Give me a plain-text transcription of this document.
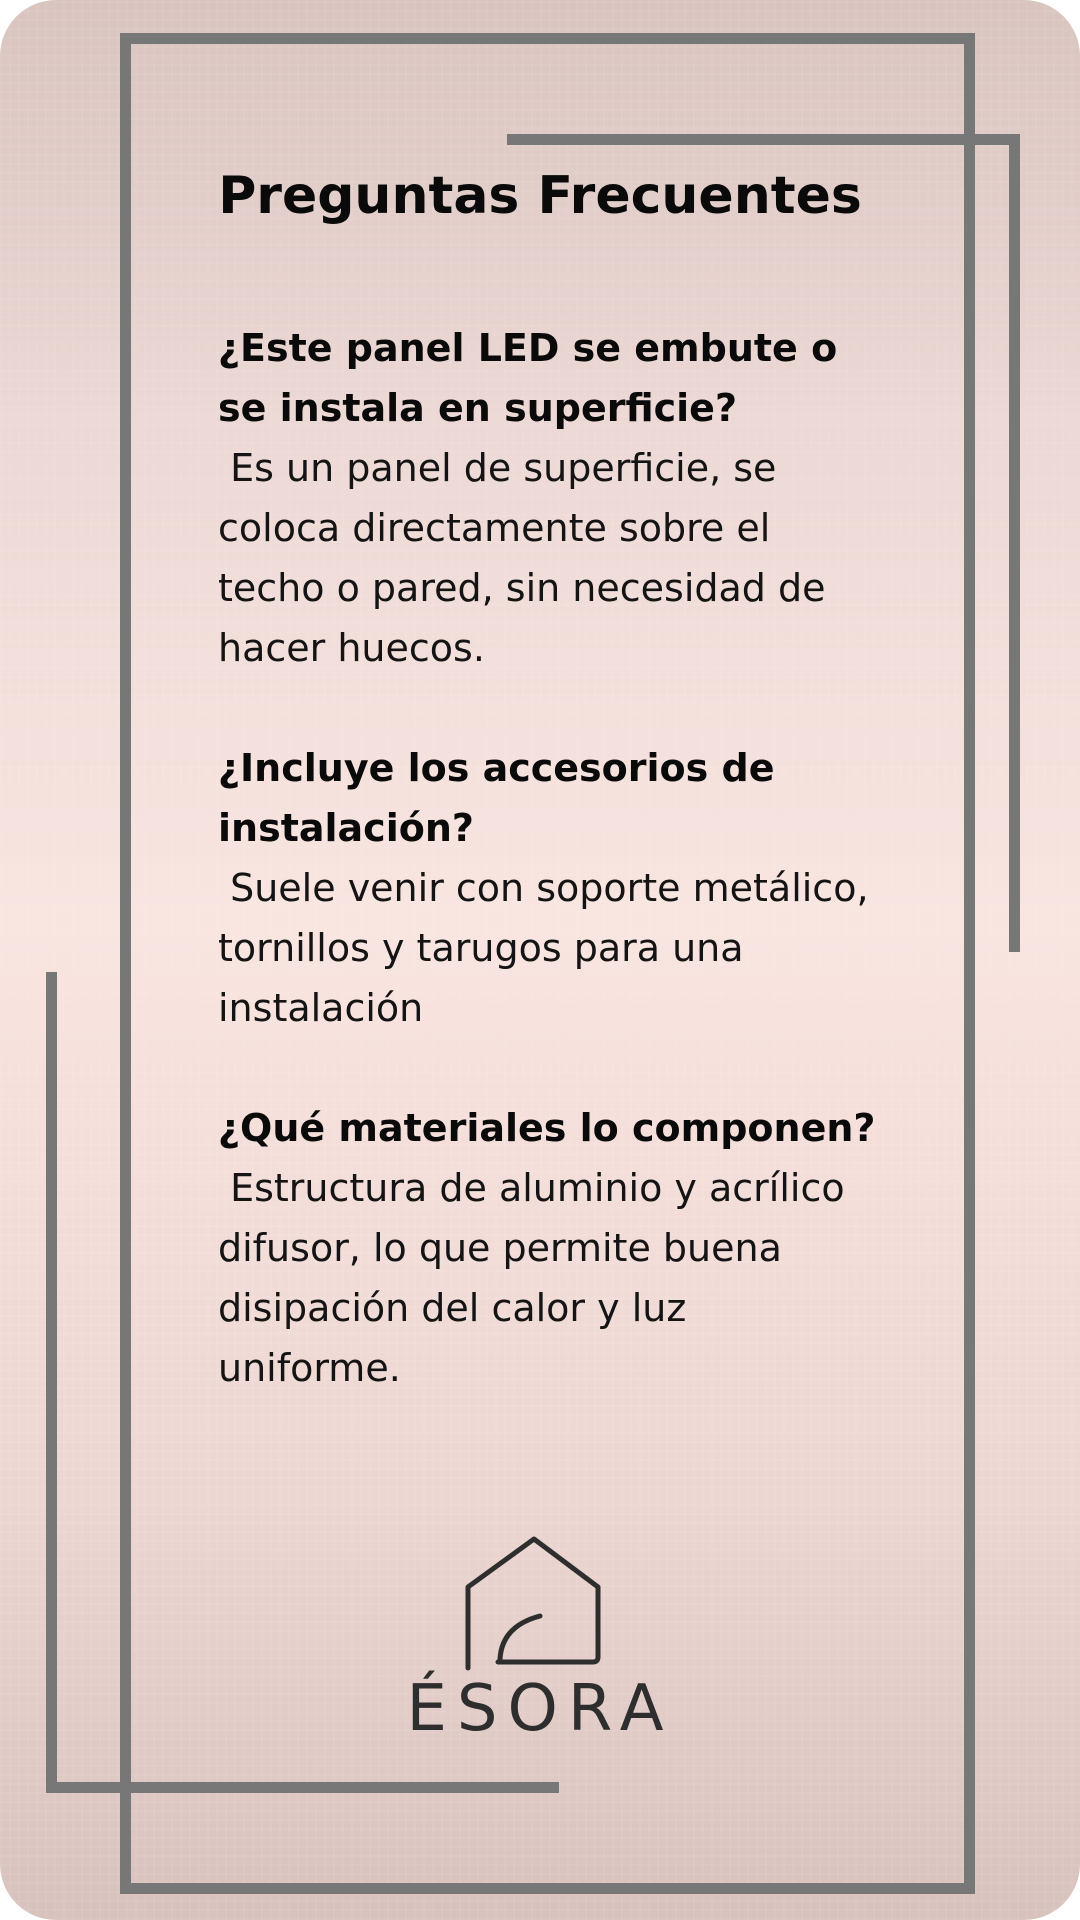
Preguntas Frecuentes

¿Este panel LED se embute o se instala en superficie?

Es un panel de superficie, se coloca directamente sobre el techo o pared, sin necesidad de hacer huecos.

¿Incluye los accesorios de instalación?

Suele venir con soporte metálico, tornillos y tarugos para una instalación

¿Qué materiales lo componen?

Estructura de aluminio y acrílico difusor, lo que permite buena disipación del calor y luz uniforme.

ÉSORA
